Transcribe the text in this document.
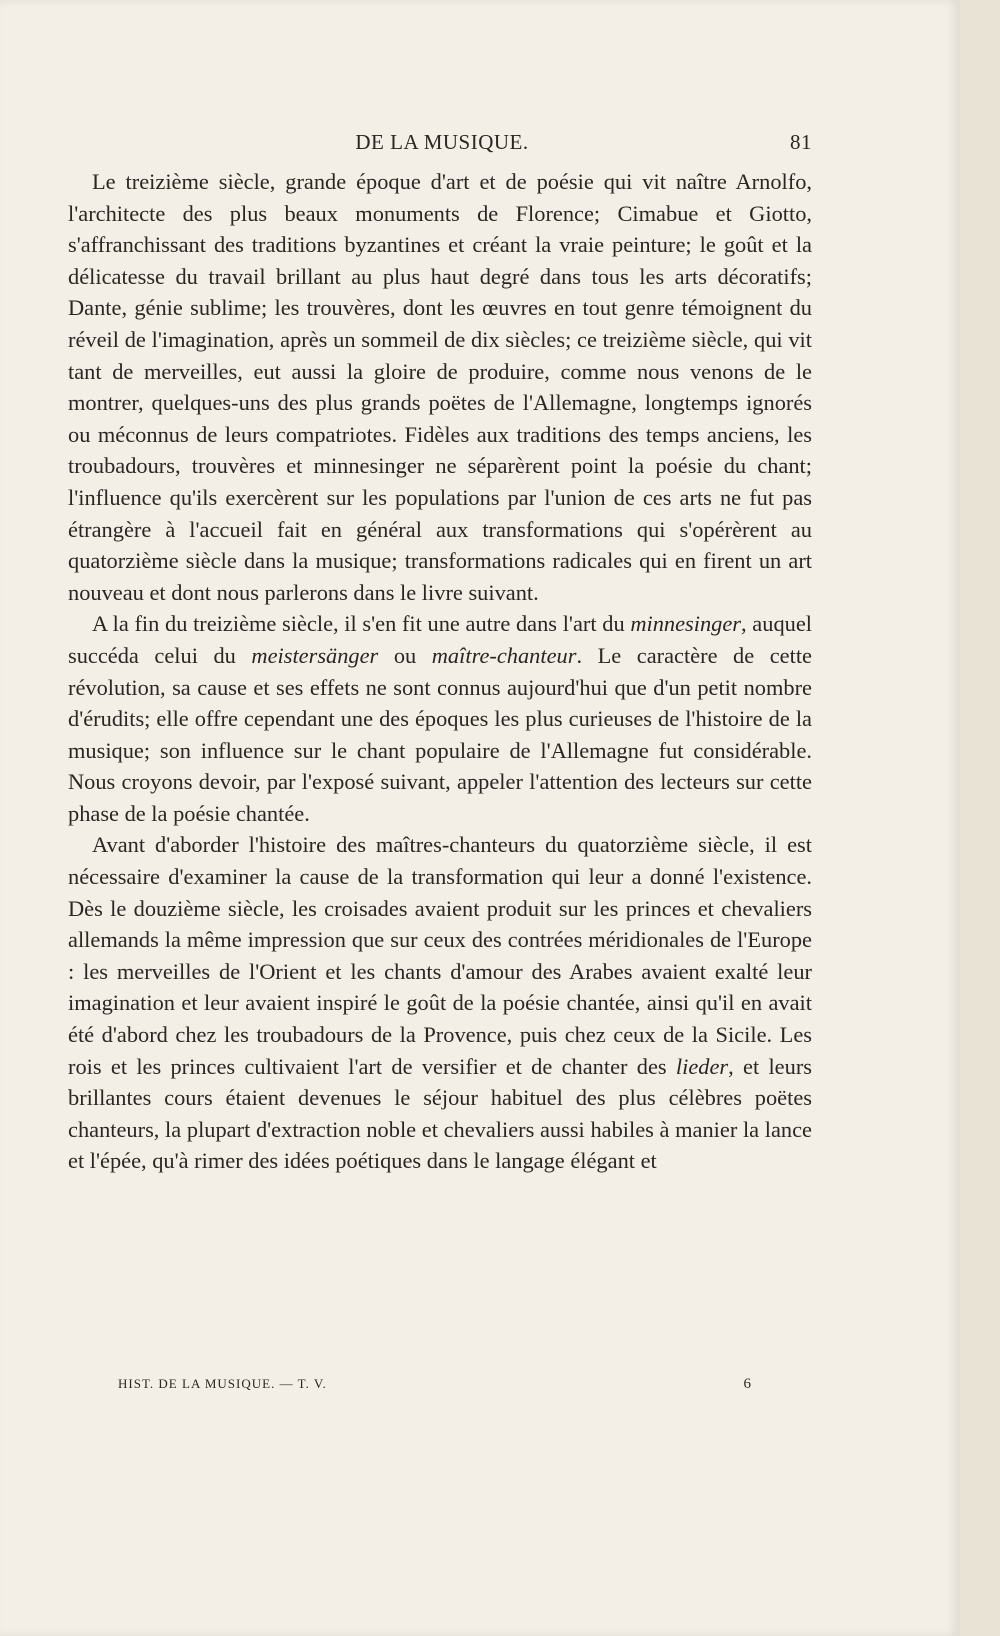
DE LA MUSIQUE.	81

Le treizième siècle, grande époque d'art et de poésie qui vit naître Arnolfo, l'architecte des plus beaux monuments de Florence; Cimabue et Giotto, s'affranchissant des traditions byzantines et créant la vraie peinture; le goût et la délicatesse du travail brillant au plus haut degré dans tous les arts décoratifs; Dante, génie sublime; les trouvères, dont les œuvres en tout genre témoignent du réveil de l'imagination, après un sommeil de dix siècles; ce treizième siècle, qui vit tant de merveilles, eut aussi la gloire de produire, comme nous venons de le montrer, quelques-uns des plus grands poëtes de l'Allemagne, longtemps ignorés ou méconnus de leurs compatriotes. Fidèles aux traditions des temps anciens, les troubadours, trouvères et minnesinger ne séparèrent point la poésie du chant; l'influence qu'ils exercèrent sur les populations par l'union de ces arts ne fut pas étrangère à l'accueil fait en général aux transformations qui s'opérèrent au quatorzième siècle dans la musique; transformations radicales qui en firent un art nouveau et dont nous parlerons dans le livre suivant.

A la fin du treizième siècle, il s'en fit une autre dans l'art du minnesinger, auquel succéda celui du meistersänger ou maître-chanteur. Le caractère de cette révolution, sa cause et ses effets ne sont connus aujourd'hui que d'un petit nombre d'érudits; elle offre cependant une des époques les plus curieuses de l'histoire de la musique; son influence sur le chant populaire de l'Allemagne fut considérable. Nous croyons devoir, par l'exposé suivant, appeler l'attention des lecteurs sur cette phase de la poésie chantée.

Avant d'aborder l'histoire des maîtres-chanteurs du quatorzième siècle, il est nécessaire d'examiner la cause de la transformation qui leur a donné l'existence. Dès le douzième siècle, les croisades avaient produit sur les princes et chevaliers allemands la même impression que sur ceux des contrées méridionales de l'Europe : les merveilles de l'Orient et les chants d'amour des Arabes avaient exalté leur imagination et leur avaient inspiré le goût de la poésie chantée, ainsi qu'il en avait été d'abord chez les troubadours de la Provence, puis chez ceux de la Sicile. Les rois et les princes cultivaient l'art de versifier et de chanter des lieder, et leurs brillantes cours étaient devenues le séjour habituel des plus célèbres poëtes chanteurs, la plupart d'extraction noble et chevaliers aussi habiles à manier la lance et l'épée, qu'à rimer des idées poétiques dans le langage élégant et

HIST. DE LA MUSIQUE. — T. V.	6
